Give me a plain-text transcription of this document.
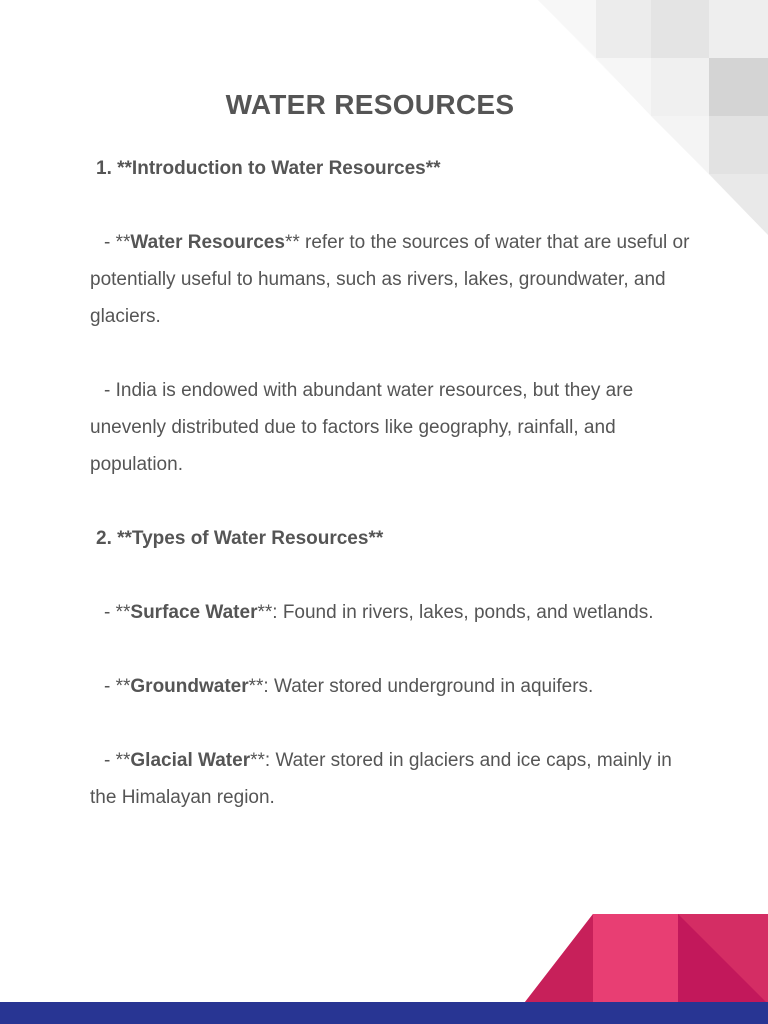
WATER RESOURCES

1. **Introduction to Water Resources**

- **Water Resources** refer to the sources of water that are useful or potentially useful to humans, such as rivers, lakes, groundwater, and glaciers.

- India is endowed with abundant water resources, but they are unevenly distributed due to factors like geography, rainfall, and population.

2. **Types of Water Resources**

- **Surface Water**: Found in rivers, lakes, ponds, and wetlands.

- **Groundwater**: Water stored underground in aquifers.

- **Glacial Water**: Water stored in glaciers and ice caps, mainly in the Himalayan region.
